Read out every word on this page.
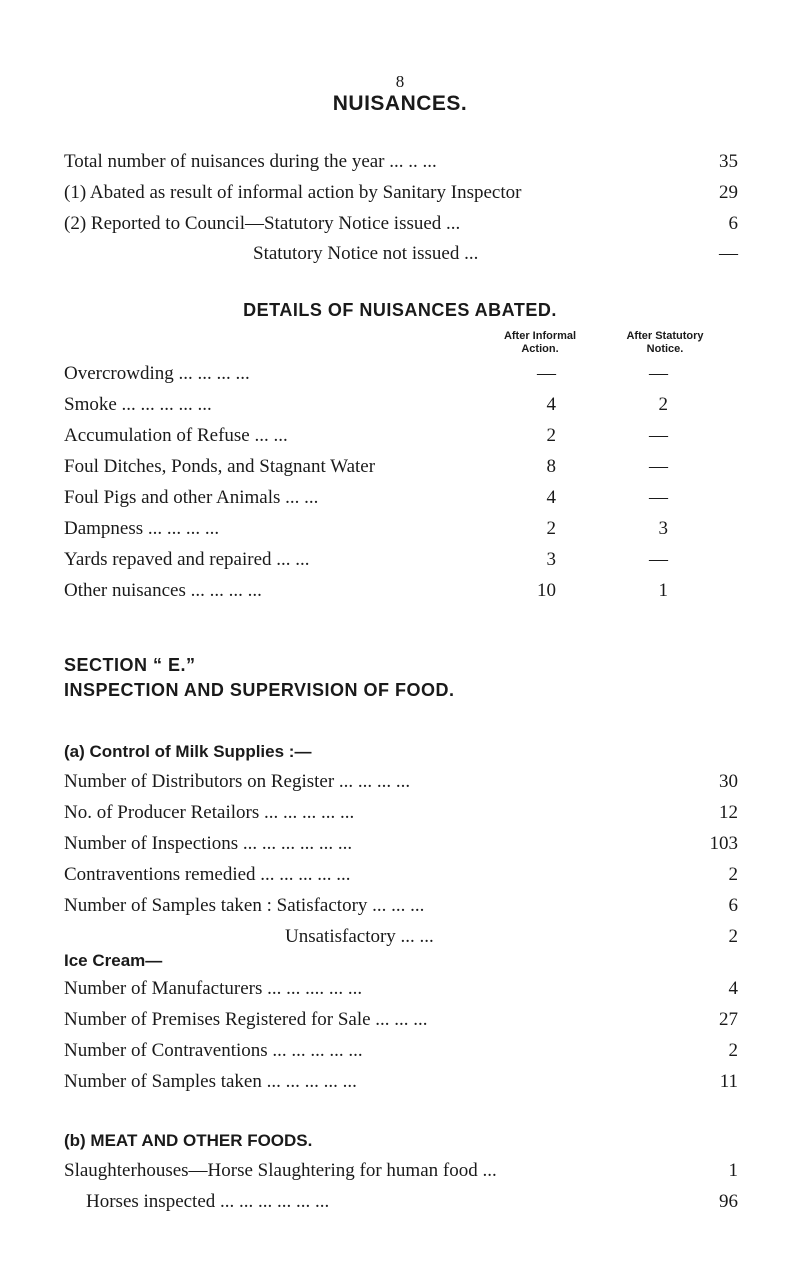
8
NUISANCES.
Total number of nuisances during the year ... .. ...	35
(1) Abated as result of informal action by Sanitary Inspector	29
(2) Reported to Council—Statutory Notice issued ...	6
Statutory Notice not issued ...	—
DETAILS OF NUISANCES ABATED.
After Informal Action.
After Statutory Notice.
Overcrowding ... ... ... ...	—	—
Smoke ... ... ... ... ...	4	2
Accumulation of Refuse ... ...	2	—
Foul Ditches, Ponds, and Stagnant Water	8	—
Foul Pigs and other Animals ... ...	4	—
Dampness ... ... ... ...	2	3
Yards repaved and repaired ... ...	3	—
Other nuisances ... ... ... ...	10	1
SECTION “ E.”
INSPECTION AND SUPERVISION OF FOOD.
(a) Control of Milk Supplies :—
Number of Distributors on Register ... ... ... ...	30
No. of Producer Retailors ... ... ... ... ...	12
Number of Inspections ... ... ... ... ... ...	103
Contraventions remedied ... ... ... ... ...	2
Number of Samples taken : Satisfactory ... ... ...	6
Unsatisfactory ... ...	2
Ice Cream—
Number of Manufacturers ... ... .... ... ...	4
Number of Premises Registered for Sale ... ... ...	27
Number of Contraventions ... ... ... ... ...	2
Number of Samples taken ... ... ... ... ...	11
(b) MEAT AND OTHER FOODS.
Slaughterhouses—Horse Slaughtering for human food ...	1
Horses inspected ... ... ... ... ... ...	96
